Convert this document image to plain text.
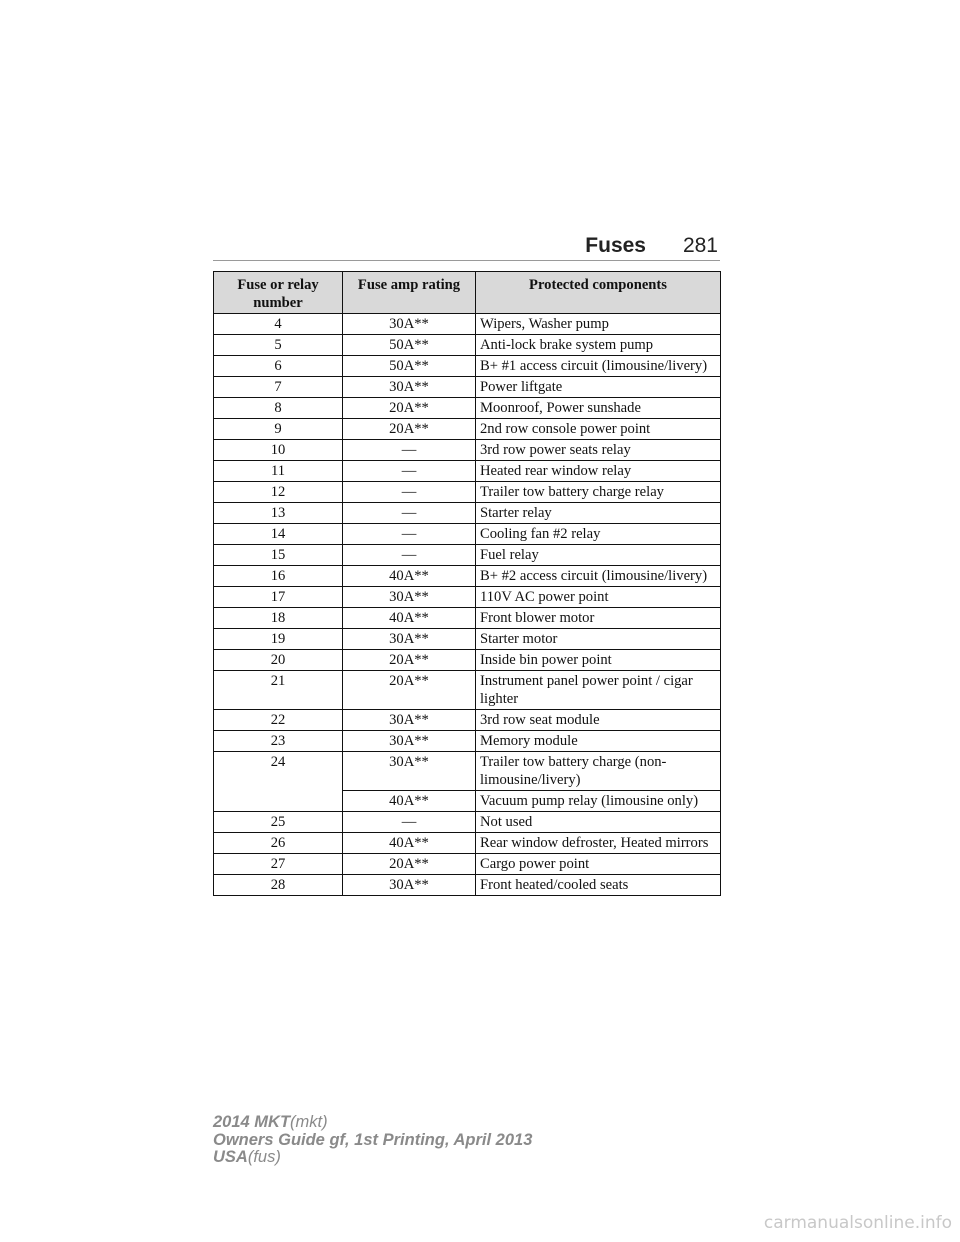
Fuses 281
Fuse or relay number	Fuse amp rating	Protected components
4	30A**	Wipers, Washer pump
5	50A**	Anti-lock brake system pump
6	50A**	B+ #1 access circuit (limousine/livery)
7	30A**	Power liftgate
8	20A**	Moonroof, Power sunshade
9	20A**	2nd row console power point
10	—	3rd row power seats relay
11	—	Heated rear window relay
12	—	Trailer tow battery charge relay
13	—	Starter relay
14	—	Cooling fan #2 relay
15	—	Fuel relay
16	40A**	B+ #2 access circuit (limousine/livery)
17	30A**	110V AC power point
18	40A**	Front blower motor
19	30A**	Starter motor
20	20A**	Inside bin power point
21	20A**	Instrument panel power point / cigar lighter
22	30A**	3rd row seat module
23	30A**	Memory module
24	30A**	Trailer tow battery charge (non-limousine/livery)
	40A**	Vacuum pump relay (limousine only)
25	—	Not used
26	40A**	Rear window defroster, Heated mirrors
27	20A**	Cargo power point
28	30A**	Front heated/cooled seats
2014 MKT(mkt)
Owners Guide gf, 1st Printing, April 2013
USA(fus)
carmanualsonline.info
